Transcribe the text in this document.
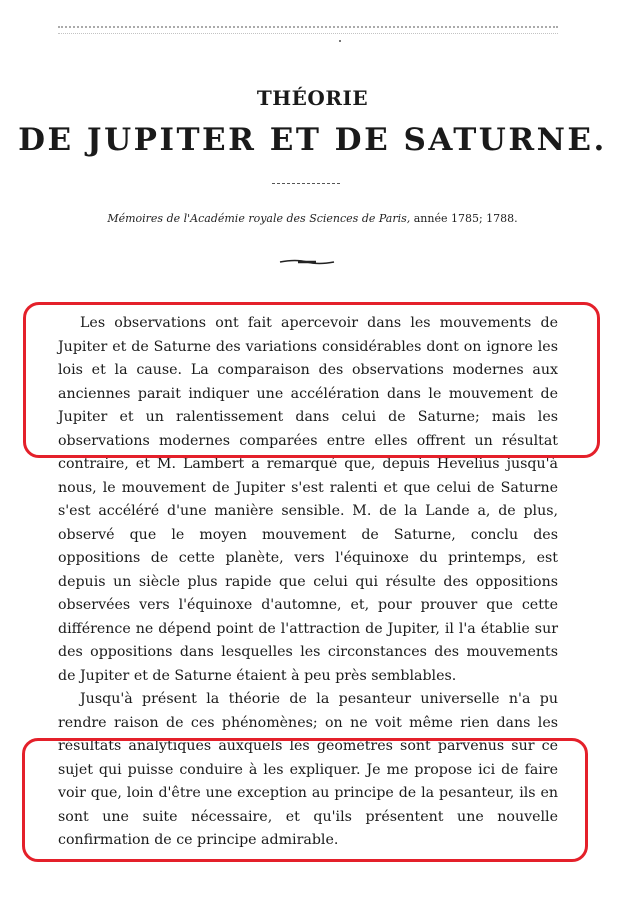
THÉORIE
DE JUPITER ET DE SATURNE.
Mémoires de l'Académie royale des Sciences de Paris, année 1785; 1788.

Les observations ont fait apercevoir dans les mouvements de Jupiter et de Saturne des variations considérables dont on ignore les lois et la cause. La comparaison des observations modernes aux anciennes parait indiquer une accélération dans le mouvement de Jupiter et un ralentissement dans celui de Saturne; mais les observations modernes comparées entre elles offrent un résultat contraire, et M. Lambert a remarqué que, depuis Hevelius jusqu'à nous, le mouvement de Jupiter s'est ralenti et que celui de Saturne s'est accéléré d'une manière sensible. M. de la Lande a, de plus, observé que le moyen mouvement de Saturne, conclu des oppositions de cette planète, vers l'équinoxe du printemps, est depuis un siècle plus rapide que celui qui résulte des oppositions observées vers l'équinoxe d'automne, et, pour prouver que cette différence ne dépend point de l'attraction de Jupiter, il l'a établie sur des oppositions dans lesquelles les circonstances des mouvements de Jupiter et de Saturne étaient à peu près semblables.

Jusqu'à présent la théorie de la pesanteur universelle n'a pu rendre raison de ces phénomènes; on ne voit même rien dans les résultats analytiques auxquels les géomètres sont parvenus sur ce sujet qui puisse conduire à les expliquer. Je me propose ici de faire voir que, loin d'être une exception au principe de la pesanteur, ils en sont une suite nécessaire, et qu'ils présentent une nouvelle confirmation de ce principe admirable.
